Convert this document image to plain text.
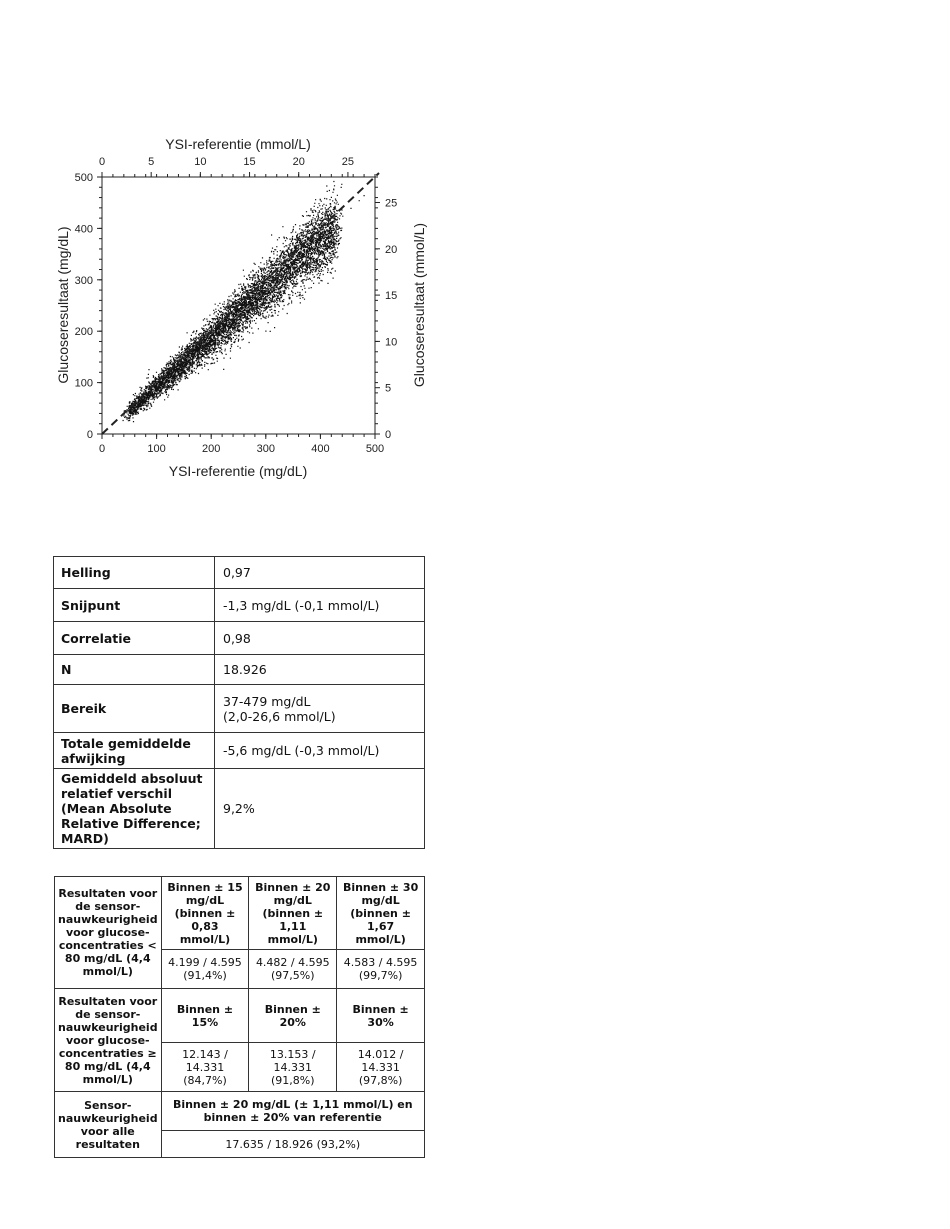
0	100	200	300	400	500
0
100
200
300
400
500
0	5	10	15	20	25
0
5
10
15
20
25
YSI-referentie (mmol/L)
YSI-referentie (mg/dL)
Glucoseresultaat (mg/dL)	Glucoseresultaat (mmol/L)
Helling	0,97
Snijpunt	-1,3 mg/dL (-0,1 mmol/L)
Correlatie	0,98
N	18.926
Bereik	37-479 mg/dL
(2,0-26,6 mmol/L)
Totale gemiddelde afwijking	-5,6 mg/dL (-0,3 mmol/L)
Gemiddeld absoluut relatief verschil (Mean Absolute Relative Difference; MARD)	9,2%
Resultaten voor de sensor-nauwkeurigheid voor glucose-concentraties < 80 mg/dL (4,4 mmol/L)	Binnen ± 15 mg/dL (binnen ± 0,83 mmol/L)	Binnen ± 20 mg/dL (binnen ± 1,11 mmol/L)	Binnen ± 30 mg/dL (binnen ± 1,67 mmol/L)
	4.199 / 4.595 (91,4%)	4.482 / 4.595 (97,5%)	4.583 / 4.595 (99,7%)
Resultaten voor de sensor-nauwkeurigheid voor glucose-concentraties ≥ 80 mg/dL (4,4 mmol/L)	Binnen ± 15%	Binnen ± 20%	Binnen ± 30%
	12.143 / 14.331 (84,7%)	13.153 / 14.331 (91,8%)	14.012 / 14.331 (97,8%)
Sensor-nauwkeurigheid voor alle resultaten	Binnen ± 20 mg/dL (± 1,11 mmol/L) en binnen ± 20% van referentie		
	17.635 / 18.926 (93,2%)		
